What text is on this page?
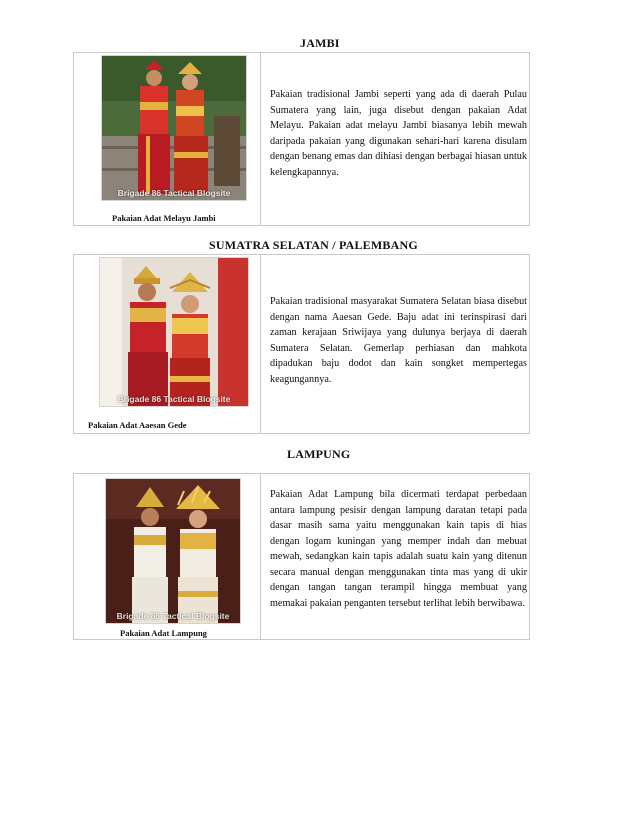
JAMBI
Brigade 86 Tactical Blogsite
Pakaian Adat Melayu Jambi
Pakaian tradisional Jambi seperti yang ada di daerah Pulau Sumatera yang lain, juga disebut dengan pakaian Adat Melayu. Pakaian adat melayu Jambi biasanya lebih mewah daripada pakaian yang digunakan sehari-hari karena disulam dengan benang emas dan dihiasi dengan berbagai hiasan untuk kelengkapannya.
SUMATRA SELATAN / PALEMBANG
Brigade 86 Tactical Blogsite
Pakaian Adat Aaesan Gede
Pakaian tradisional masyarakat Sumatera Selatan biasa disebut dengan nama Aaesan Gede. Baju adat ini terinspirasi dari zaman kerajaan Sriwijaya yang dulunya berjaya di daerah Sumatera Selatan. Gemerlap perhiasan dan mahkota dipadukan baju dodot dan kain songket mempertegas keagungannya.
LAMPUNG
Brigade 86 Tactical Blogsite
Pakaian Adat Lampung
Pakaian Adat Lampung bila dicermati terdapat perbedaan antara lampung pesisir dengan lampung daratan tetapi pada dasar masih sama yaitu menggunakan kain tapis di hias dengan logam kuningan yang memper indah dan mebuat mewah, sedangkan kain tapis adalah suatu kain yang ditenun secara manual dengan menggunakan tinta mas yang di ukir dengan tangan tangan terampil hingga membuat yang memakai pakaian penganten tersebut terlihat lebih berwibawa.
